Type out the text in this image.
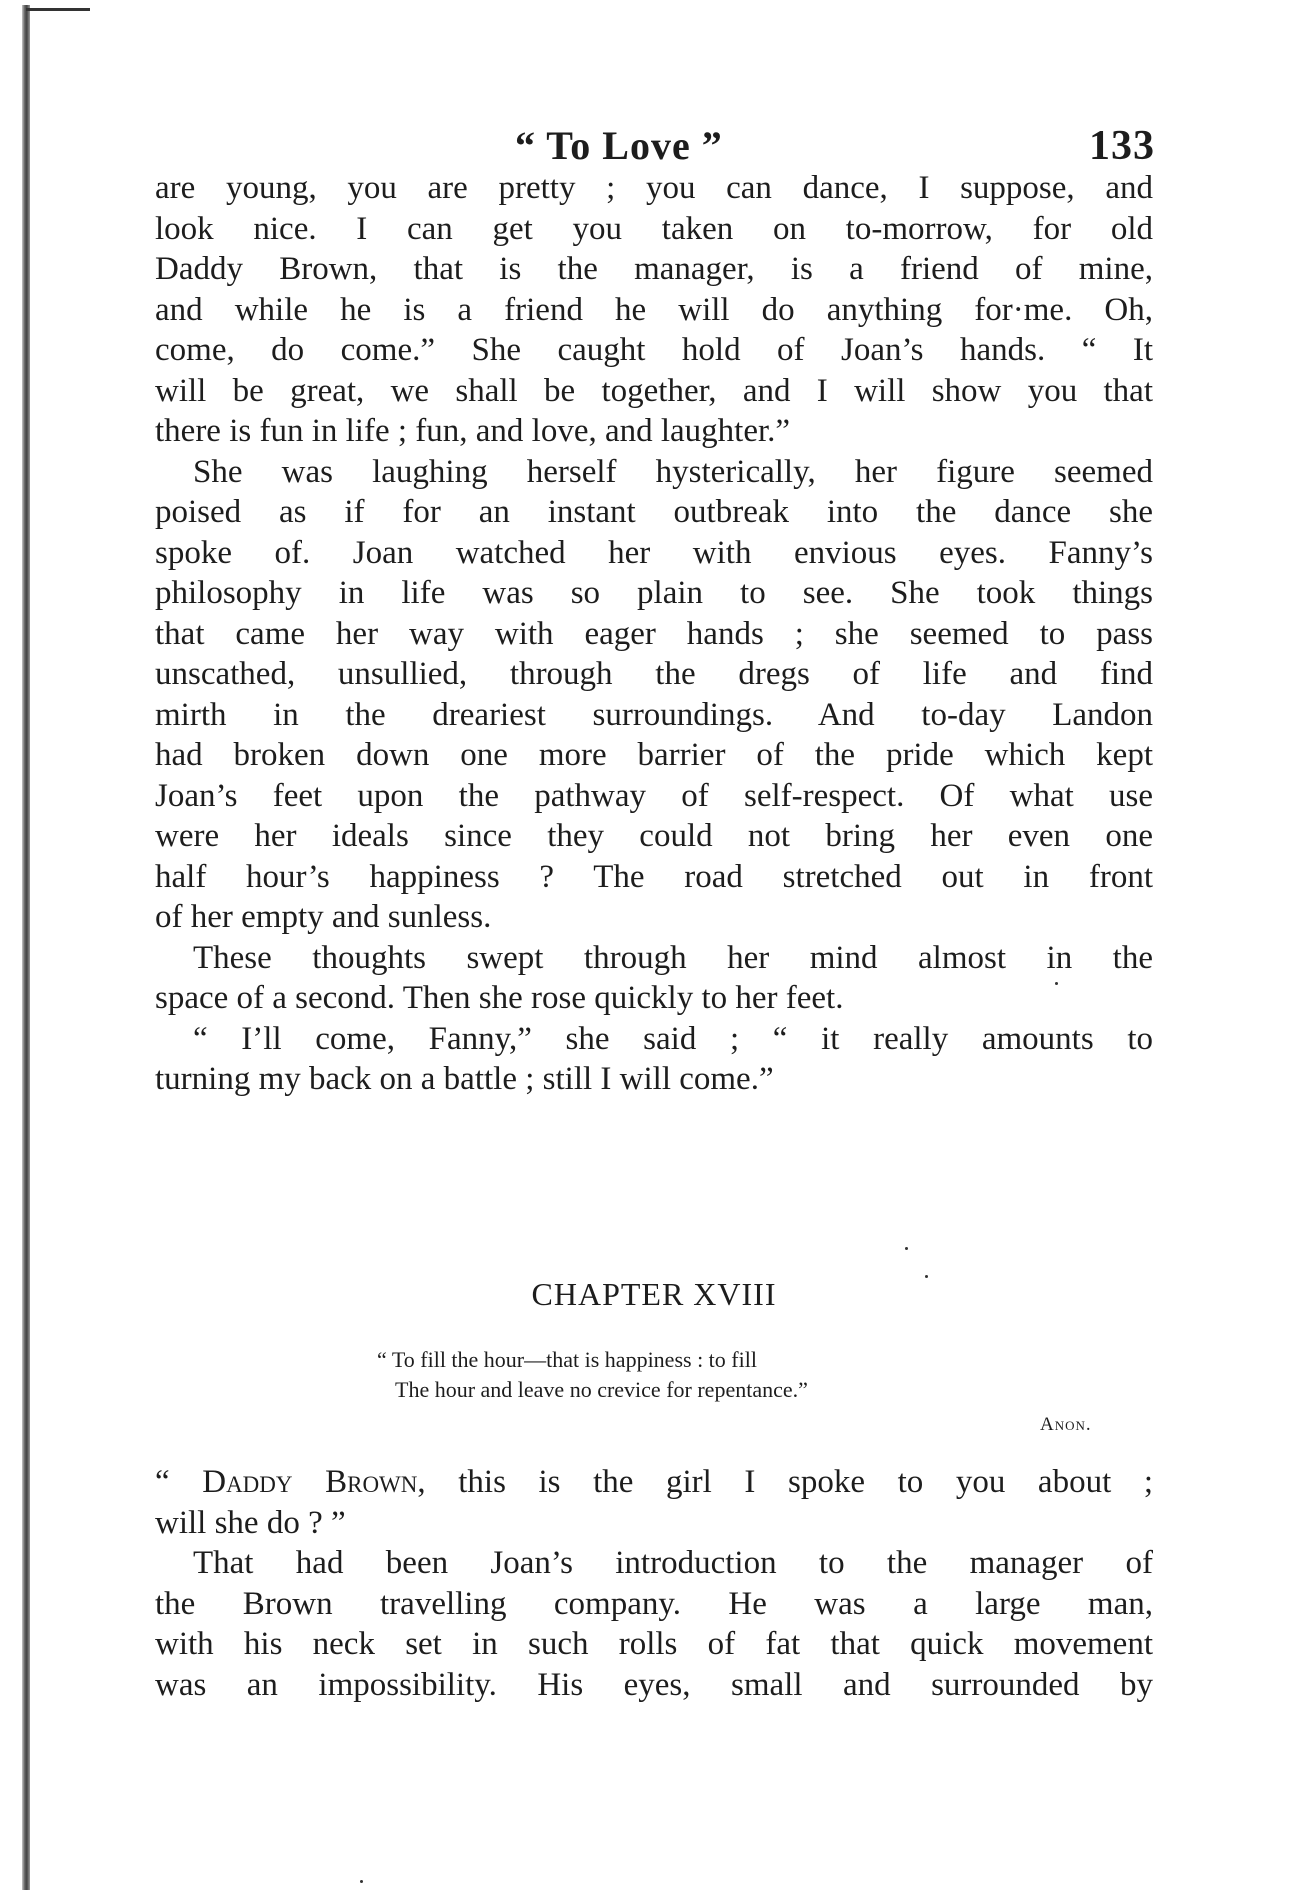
“ To Love ”	133
are young, you are pretty ; you can dance, I suppose, and
look nice. I can get you taken on to-morrow, for old
Daddy Brown, that is the manager, is a friend of mine,
and while he is a friend he will do anything for·me. Oh,
come, do come.” She caught hold of Joan’s hands. “ It
will be great, we shall be together, and I will show you that
there is fun in life ; fun, and love, and laughter.”
She was laughing herself hysterically, her figure seemed
poised as if for an instant outbreak into the dance she
spoke of. Joan watched her with envious eyes. Fanny’s
philosophy in life was so plain to see. She took things
that came her way with eager hands ; she seemed to pass
unscathed, unsullied, through the dregs of life and find
mirth in the dreariest surroundings. And to-day Landon
had broken down one more barrier of the pride which kept
Joan’s feet upon the pathway of self-respect. Of what use
were her ideals since they could not bring her even one
half hour’s happiness ? The road stretched out in front
of her empty and sunless.
These thoughts swept through her mind almost in the
space of a second. Then she rose quickly to her feet.
“ I’ll come, Fanny,” she said ; “ it really amounts to
turning my back on a battle ; still I will come.”
CHAPTER XVIII
“ To fill the hour—that is happiness : to fill
The hour and leave no crevice for repentance.”
Anon.
“ Daddy Brown, this is the girl I spoke to you about ;
will she do ? ”
That had been Joan’s introduction to the manager of
the Brown travelling company. He was a large man,
with his neck set in such rolls of fat that quick movement
was an impossibility. His eyes, small and surrounded by
